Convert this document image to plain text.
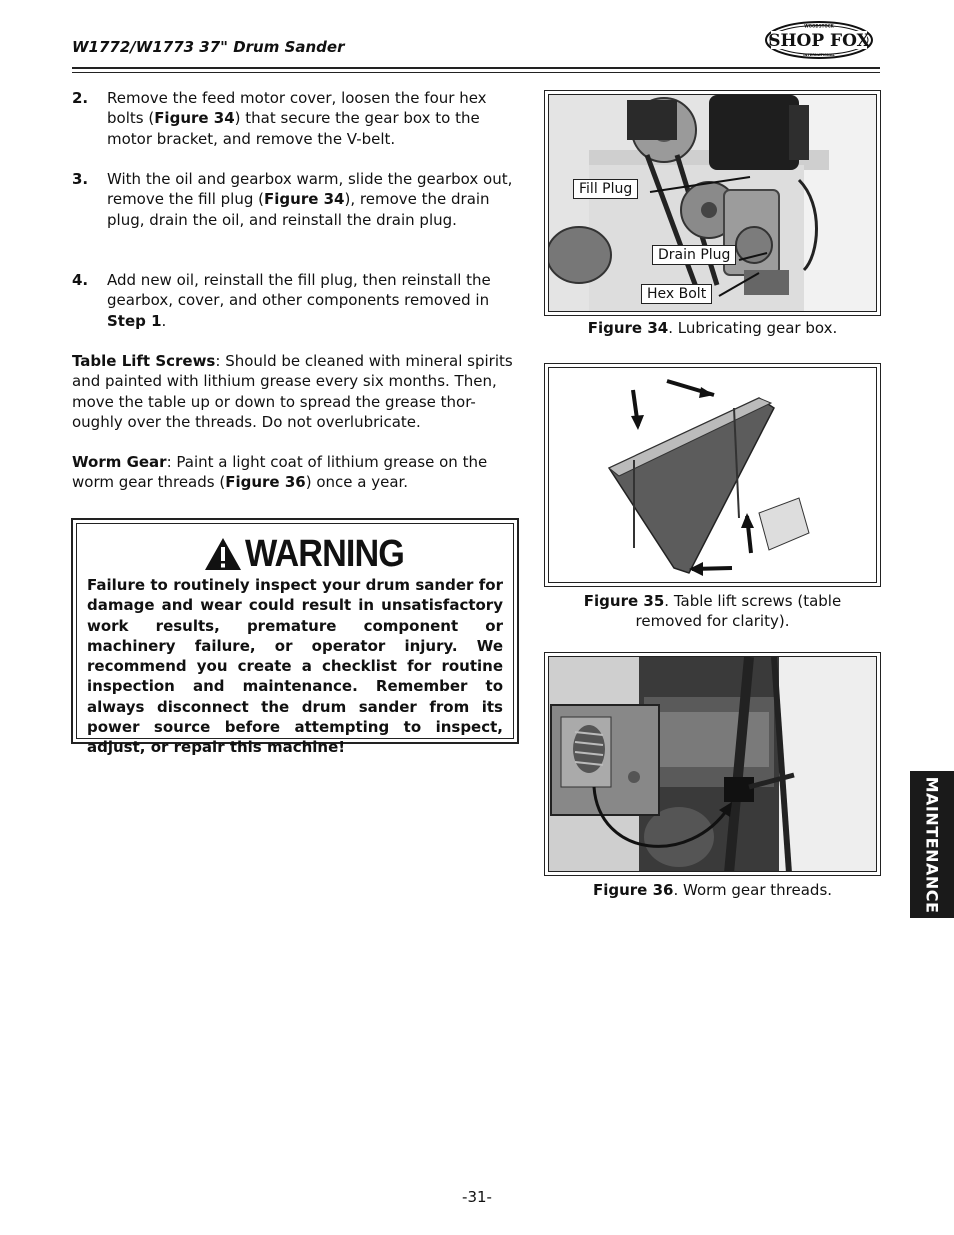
W1772/W1773 37" Drum Sander	SHOP FOX
WOODSTOCK
INTERNATIONAL
2. Remove the feed motor cover, loosen the four hex bolts (Figure 34) that secure the gear box to the motor bracket, and remove the V-belt.
3. With the oil and gearbox warm, slide the gearbox out, remove the fill plug (Figure 34), remove the drain plug, drain the oil, and reinstall the drain plug.
4. Add new oil, reinstall the fill plug, then reinstall the gearbox, cover, and other components removed in Step 1.
Table Lift Screws: Should be cleaned with mineral spirits and painted with lithium grease every six months. Then, move the table up or down to spread the grease thor-oughly over the threads. Do not overlubricate.
Worm Gear: Paint a light coat of lithium grease on the worm gear threads (Figure 36) once a year.
WARNING
Failure to routinely inspect your drum sander for damage and wear could result in unsatisfactory work results, premature component or machinery failure, or operator injury. We recommend you create a checklist for routine inspection and maintenance. Remember to always disconnect the drum sander from its power source before attempting to inspect, adjust, or repair this machine!
Fill Plug
Drain Plug
Hex Bolt
Figure 34. Lubricating gear box.
Figure 35. Table lift screws (table
removed for clarity).
Figure 36. Worm gear threads.	MAINTENANCE
-31-
